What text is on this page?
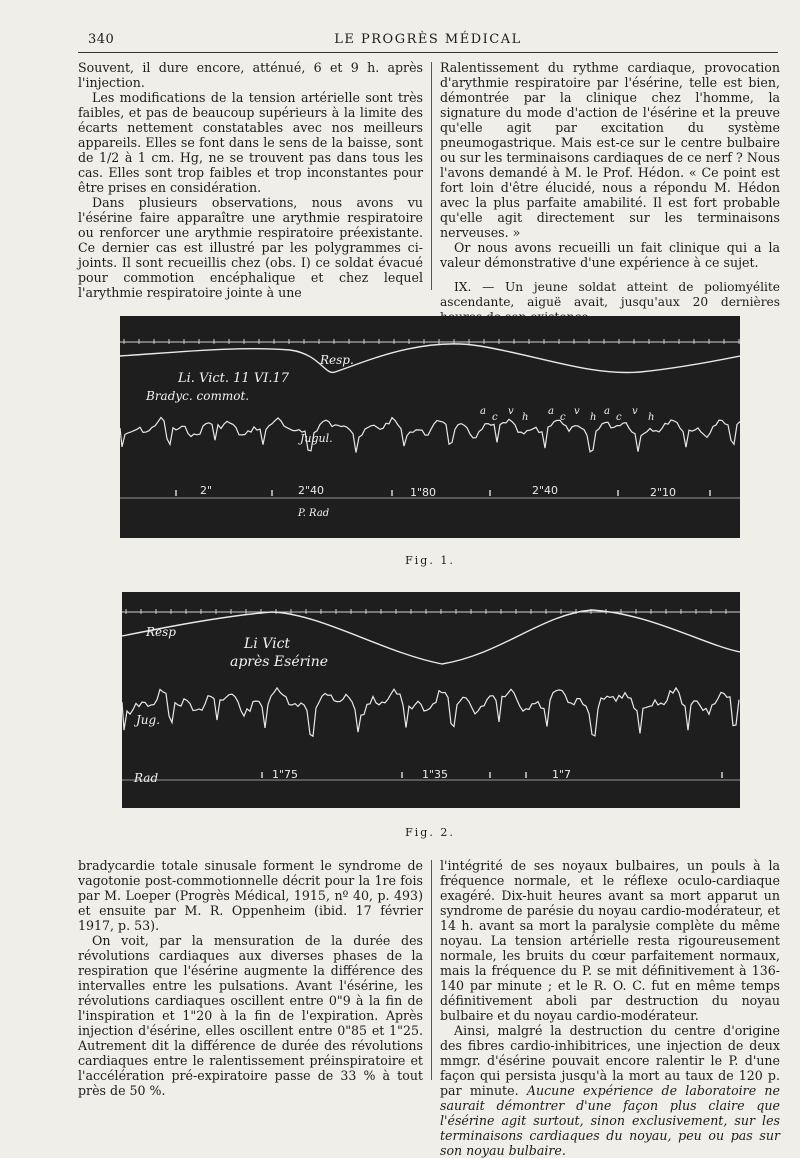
340	LE PROGRÈS MÉDICAL

Souvent, il dure encore, atténué, 6 et 9 h. après l'injection.

Les modifications de la tension artérielle sont très faibles, et pas de beaucoup supérieurs à la limite des écarts nettement constatables avec nos meilleurs appareils. Elles se font dans le sens de la baisse, sont de 1/2 à 1 cm. Hg, ne se trouvent pas dans tous les cas. Elles sont trop faibles et trop inconstantes pour être prises en considération.

Dans plusieurs observations, nous avons vu l'ésérine faire apparaître une arythmie respiratoire ou renforcer une arythmie respiratoire préexistante. Ce dernier cas est illustré par les polygrammes ci-joints. Il sont recueillis chez (obs. I) ce soldat évacué pour commotion encéphalique et chez lequel l'arythmie respiratoire jointe à une

Ralentissement du rythme cardiaque, provocation d'arythmie respiratoire par l'ésérine, telle est bien, démontrée par la clinique chez l'homme, la signature du mode d'action de l'ésérine et la preuve qu'elle agit par excitation du système pneumogastrique. Mais est-ce sur le centre bulbaire ou sur les terminaisons cardiaques de ce nerf ? Nous l'avons demandé à M. le Prof. Hédon. « Ce point est fort loin d'être élucidé, nous a répondu M. Hédon avec la plus parfaite amabilité. Il est fort probable qu'elle agit directement sur les terminaisons nerveuses. »

Or nous avons recueilli un fait clinique qui a la valeur démonstrative d'une expérience à ce sujet.

IX. — Un jeune soldat atteint de poliomyélite ascendante, aiguë avait, jusqu'aux 20 dernières

Resp.
Li. Vict. 11 VI.17
Bradyc. commot.
Jugul.
P. Rad
a
c
v
h
a
c
v
h
a
c
v
h
2"	2"40	1"80	2"40	2"10
Fig. 1.
Resp
Li Vict
après Esérine
Jug.
Rad	1"75	1"35	1"7
Fig. 2.

bradycardie totale sinusale forment le syndrome de vagotonie post-commotionnelle décrit pour la 1re fois par M. Loeper (Progrès Médical, 1915, nº 40, p. 493) et ensuite par M. R. Oppenheim (ibid. 17 février 1917, p. 53).

On voit, par la mensuration de la durée des révolutions cardiaques aux diverses phases de la respiration que l'ésérine augmente la différence des intervalles entre les pulsations. Avant l'ésérine, les révolutions cardiaques oscillent entre 0"9 à la fin de l'inspiration et 1"20 à la fin de l'expiration. Après injection d'ésérine, elles oscillent entre 0"85 et 1"25. Autrement dit la différence de durée des révolutions cardiaques entre le ralentissement préinspiratoire et l'accélération pré-expiratoire passe de 33 % à tout près de 50 %.

l'intégrité de ses noyaux bulbaires, un pouls à la fréquence normale, et le réflexe oculo-cardiaque exagéré. Dix-huit heures avant sa mort apparut un syndrome de parésie du noyau cardio-modérateur, et 14 h. avant sa mort la paralysie complète du même noyau. La tension artérielle resta rigoureusement normale, les bruits du cœur parfaitement normaux, mais la fréquence du P. se mit définitivement à 136-140 par minute ; et le R. O. C. fut en même temps définitivement aboli par destruction du noyau bulbaire et du noyau cardio-modérateur.

Ainsi, malgré la destruction du centre d'origine des fibres cardio-inhibitrices, une injection de deux mmgr. d'ésérine pouvait encore ralentir le P. d'une façon qui persista jusqu'à la mort au taux de 120 p. par minute. Aucune expérience de laboratoire ne saurait démontrer d'une façon plus claire que l'ésérine agit surtout, sinon exclusivement, sur les terminaisons cardiaques du noyau, peu ou pas sur son noyau bulbaire.
